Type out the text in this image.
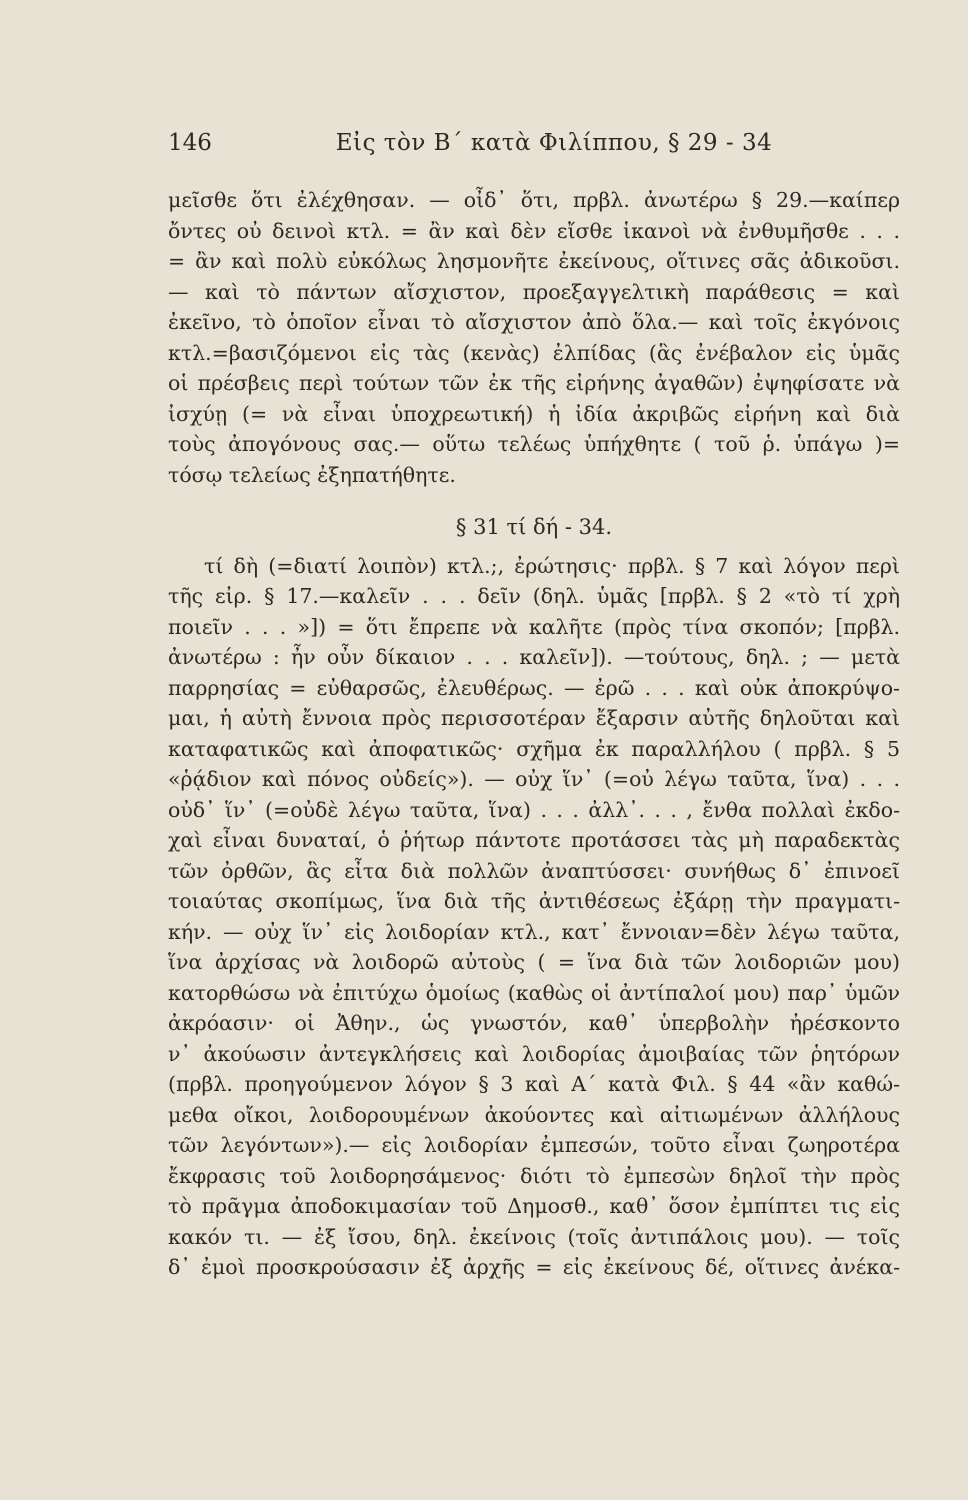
146	Εἰς τὸν Β΄ κατὰ Φιλίππου, § 29 - 34
μεῖσθε ὅτι ἐλέχθησαν. — οἶδ᾿ ὅτι, πρβλ. ἀνωτέρω § 29.—καίπερ
ὄντες οὐ δεινοὶ κτλ. = ἂν καὶ δὲν εἴσθε ἱκανοὶ νὰ ἐνθυμῆσθε . . .
= ἂν καὶ πολὺ εὐκόλως λησμονῆτε ἐκείνους, οἵτινες σᾶς ἀδικοῦσι.
— καὶ τὸ πάντων αἴσχιστον, προεξαγγελτικὴ παράθεσις = καὶ
ἐκεῖνο, τὸ ὁποῖον εἶναι τὸ αἴσχιστον ἀπὸ ὅλα.— καὶ τοῖς ἐκγόνοις
κτλ.=βασιζόμενοι εἰς τὰς (κενὰς) ἐλπίδας (ἃς ἐνέβαλον εἰς ὑμᾶς
οἱ πρέσβεις περὶ τούτων τῶν ἐκ τῆς εἰρήνης ἀγαθῶν) ἐψηφίσατε νὰ
ἰσχύῃ (= νὰ εἶναι ὑποχρεωτική) ἡ ἰδία ἀκριβῶς εἰρήνη καὶ διὰ
τοὺς ἀπογόνους σας.— οὕτω τελέως ὑπήχθητε ( τοῦ ῥ. ὑπάγω )=
τόσῳ τελείως ἐξηπατήθητε.
§ 31 τί δή - 34.
τί δὴ (=διατί λοιπὸν) κτλ.;, ἐρώτησις· πρβλ. § 7 καὶ λόγον περὶ
τῆς εἰρ. § 17.—καλεῖν . . . δεῖν (δηλ. ὑμᾶς [πρβλ. § 2 «τὸ τί χρὴ
ποιεῖν . . . »]) = ὅτι ἔπρεπε νὰ καλῆτε (πρὸς τίνα σκοπόν; [πρβλ.
ἀνωτέρω : ἦν οὖν δίκαιον . . . καλεῖν]). —τούτους, δηλ. ; — μετὰ
παρρησίας = εὐθαρσῶς, ἐλευθέρως. — ἐρῶ . . . καὶ οὐκ ἀποκρύψο-
μαι, ἡ αὐτὴ ἔννοια πρὸς περισσοτέραν ἔξαρσιν αὐτῆς δηλοῦται καὶ
καταφατικῶς καὶ ἀποφατικῶς· σχῆμα ἐκ παραλλήλου ( πρβλ. § 5
«ῥᾴδιον καὶ πόνος οὐδείς»). — οὐχ ἵν᾿ (=οὐ λέγω ταῦτα, ἵνα) . . .
οὐδ᾿ ἵν᾿ (=οὐδὲ λέγω ταῦτα, ἵνα) . . . ἀλλ᾿. . . , ἔνθα πολλαὶ ἐκδο-
χαὶ εἶναι δυναταί, ὁ ῥήτωρ πάντοτε προτάσσει τὰς μὴ παραδεκτὰς
τῶν ὀρθῶν, ἃς εἶτα διὰ πολλῶν ἀναπτύσσει· συνήθως δ᾿ ἐπινοεῖ
τοιαύτας σκοπίμως, ἵνα διὰ τῆς ἀντιθέσεως ἐξάρῃ τὴν πραγματι-
κήν. — οὐχ ἵν᾿ εἰς λοιδορίαν κτλ., κατ᾿ ἔννοιαν=δὲν λέγω ταῦτα,
ἵνα ἀρχίσας νὰ λοιδορῶ αὐτοὺς ( = ἵνα διὰ τῶν λοιδοριῶν μου)
κατορθώσω νὰ ἐπιτύχω ὁμοίως (καθὼς οἱ ἀντίπαλοί μου) παρ᾿ ὑμῶν
ἀκρόασιν· οἱ Ἀθην., ὡς γνωστόν, καθ᾿ ὑπερβολὴν ἠρέσκοντο
ν᾿ ἀκούωσιν ἀντεγκλήσεις καὶ λοιδορίας ἀμοιβαίας τῶν ῥητόρων
(πρβλ. προηγούμενον λόγον § 3 καὶ Α΄ κατὰ Φιλ. § 44 «ἂν καθώ-
μεθα οἴκοι, λοιδορουμένων ἀκούοντες καὶ αἰτιωμένων ἀλλήλους
τῶν λεγόντων»).— εἰς λοιδορίαν ἐμπεσών, τοῦτο εἶναι ζωηροτέρα
ἔκφρασις τοῦ λοιδορησάμενος· διότι τὸ ἐμπεσὼν δηλοῖ τὴν πρὸς
τὸ πρᾶγμα ἀποδοκιμασίαν τοῦ Δημοσθ., καθ᾿ ὅσον ἐμπίπτει τις εἰς
κακόν τι. — ἐξ ἴσου, δηλ. ἐκείνοις (τοῖς ἀντιπάλοις μου). — τοῖς
δ᾿ ἐμοὶ προσκρούσασιν ἐξ ἀρχῆς = εἰς ἐκείνους δέ, οἵτινες ἀνέκα-
